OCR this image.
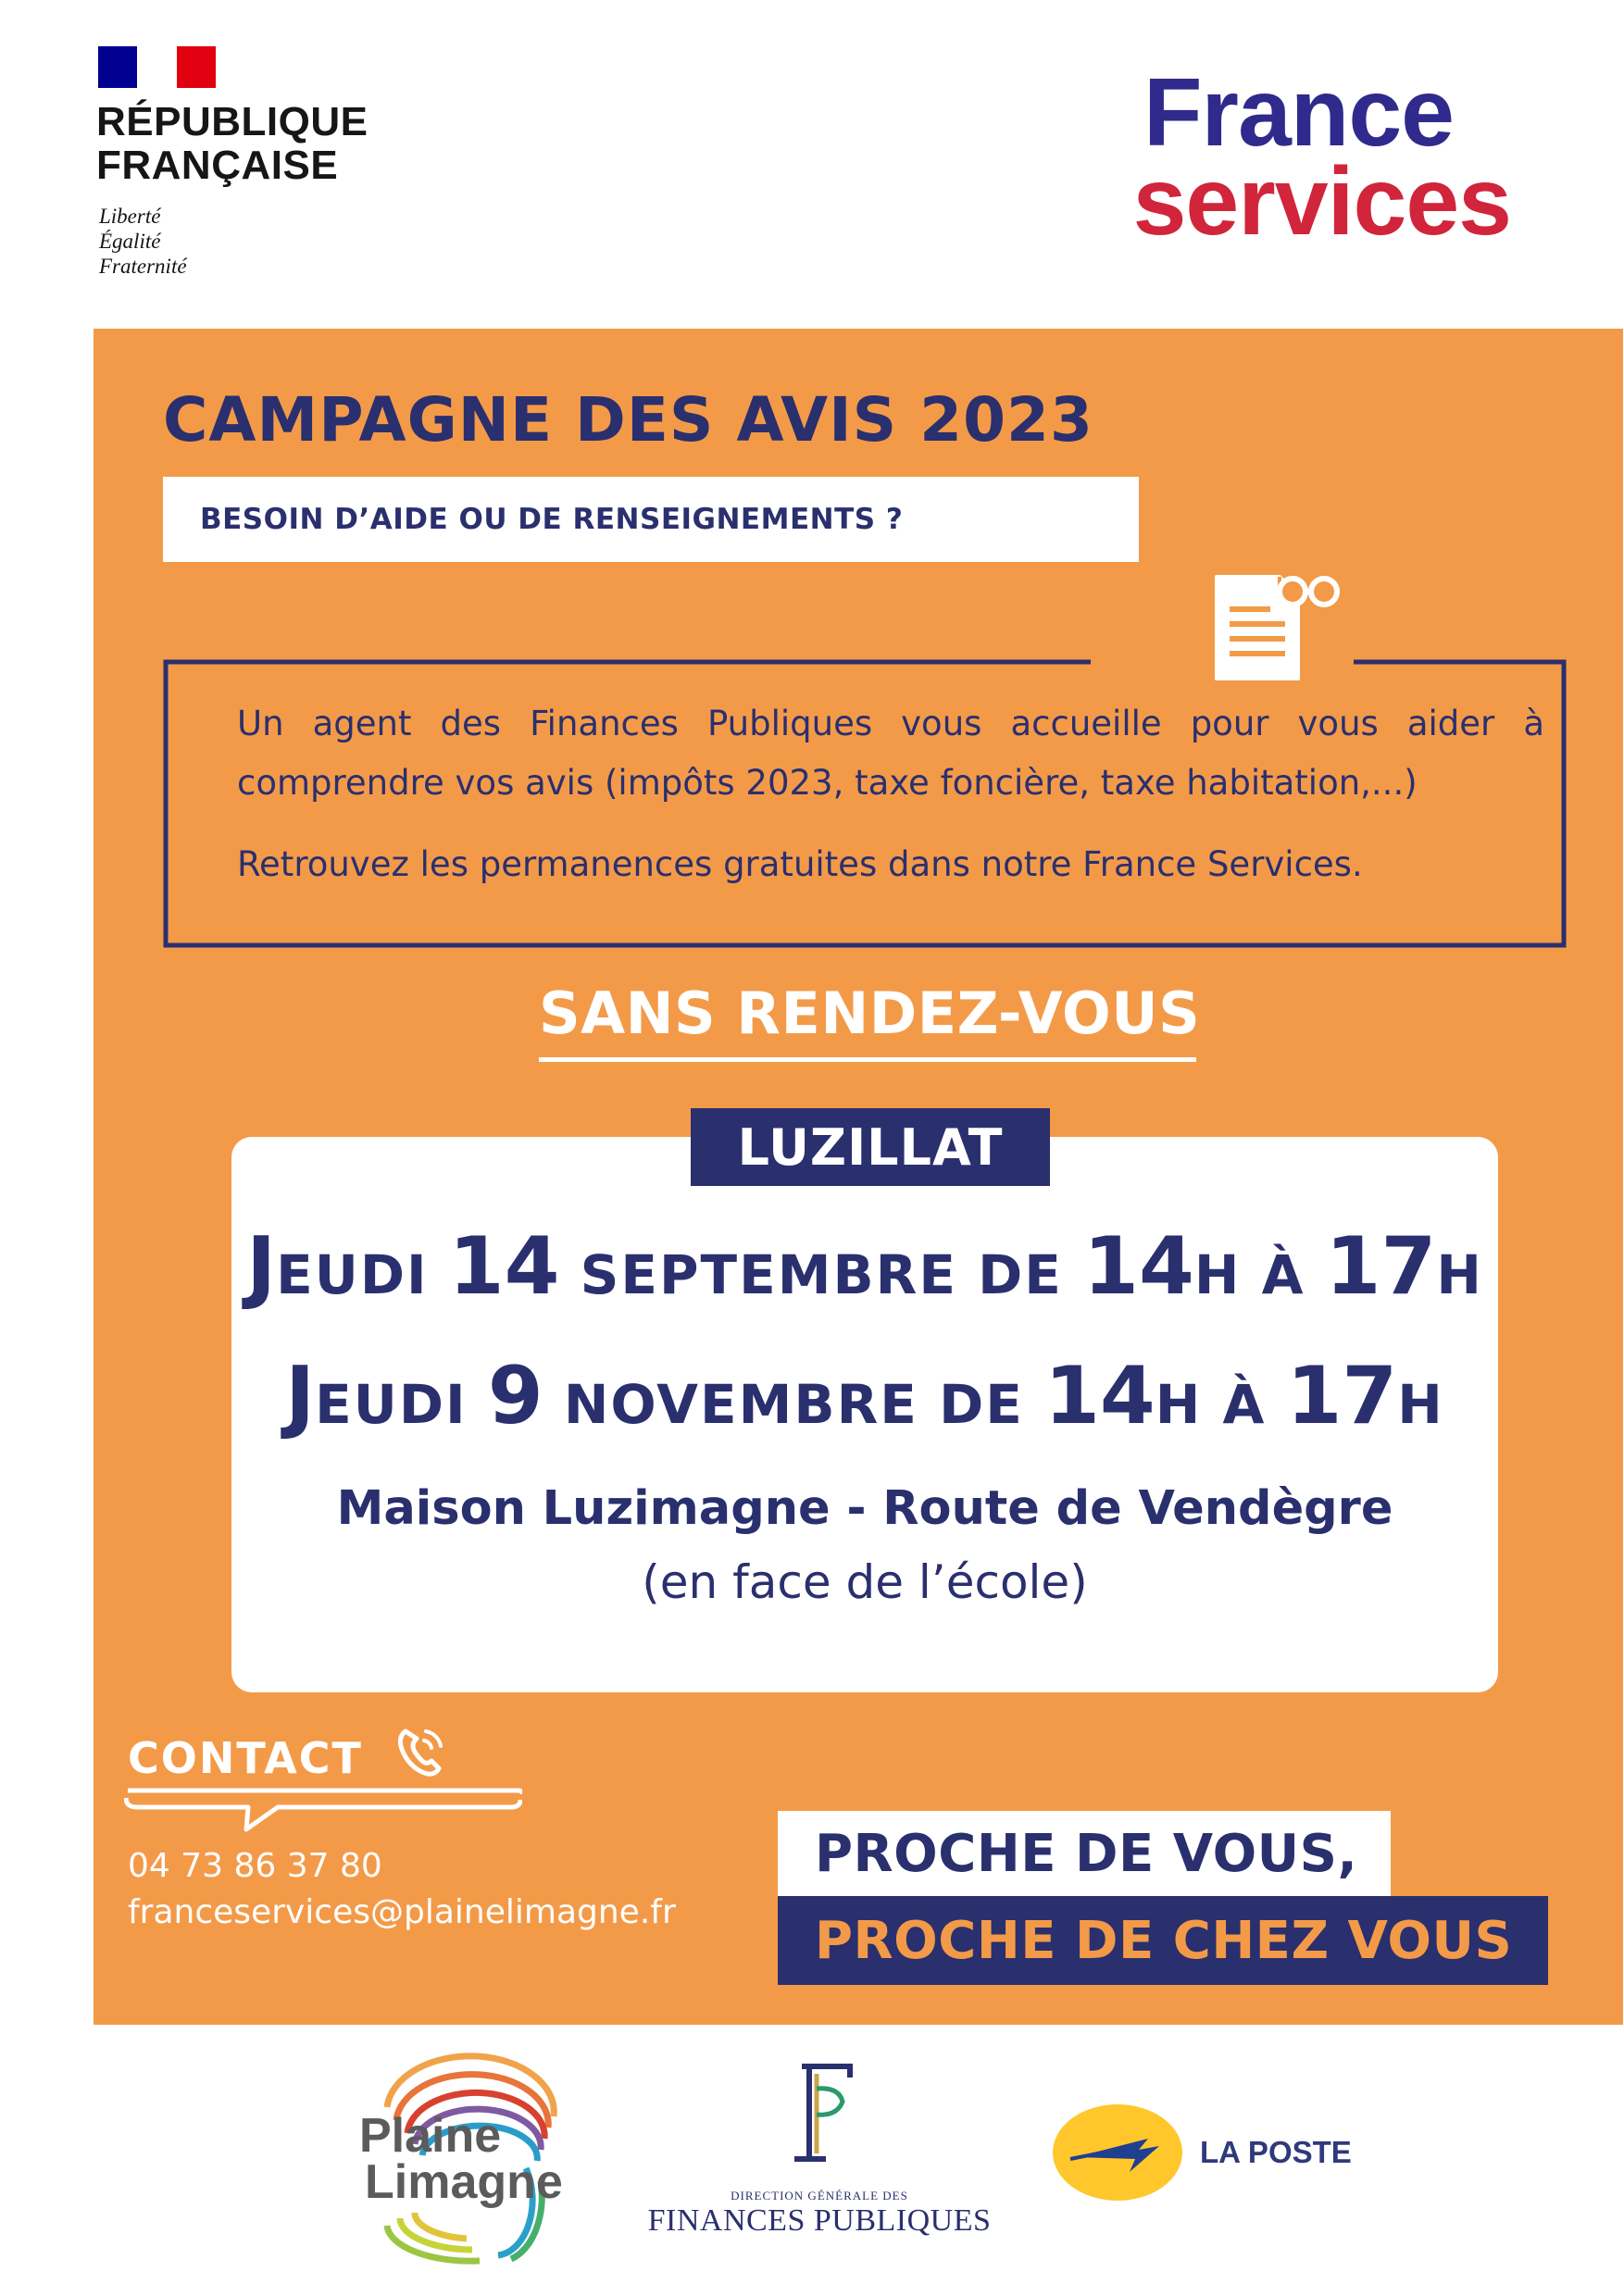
RÉPUBLIQUE
FRANÇAISE
Liberté
Égalité
Fraternité
France
services
CAMPAGNE DES AVIS 2023
BESOIN D’AIDE OU DE RENSEIGNEMENTS ?

Un agent des Finances Publiques vous accueille pour vous aider à comprendre vos avis (impôts 2023, taxe foncière, taxe habitation,...)

Retrouvez les permanences gratuites dans notre France Services.

SANS RENDEZ-VOUS
LUZILLAT
JEUDI 14 SEPTEMBRE DE 14H À 17H
JEUDI 9 NOVEMBRE DE 14H À 17H
Maison Luzimagne - Route de Vendègre
(en face de l’école)
CONTACT
04 73 86 37 80
franceservices@plainelimagne.fr
PROCHE DE VOUS,
PROCHE DE CHEZ VOUS
Plaine
Limagne	DIRECTION GÉNÉRALE DES
FINANCES PUBLIQUES
LA POSTE
